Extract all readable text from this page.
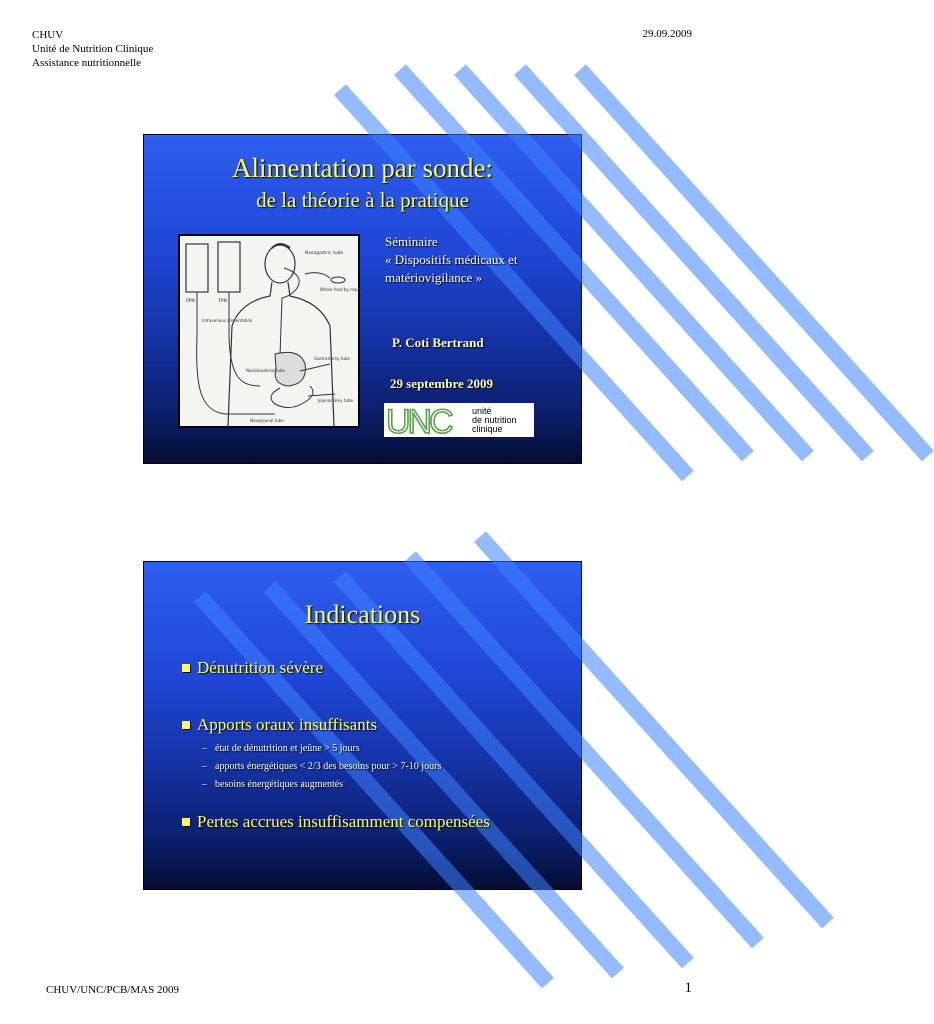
CHUV
Unité de Nutrition Clinique
Assistance nutritionnelle
29.09.2009
Alimentation par sonde:
de la théorie à la pratique
Nasogastric tube
Whole food by mouth
PPN	TPN
Intravenous alimentation
Gastrostomy tube
Nasoduodenal tube
Jejunostomy tube
Nasojejunal tube
Séminaire
« Dispositifs médicaux et matériovigilance »
P. Coti Bertrand
29 septembre 2009
UNC unité
de nutrition
clinique
Indications
Dénutrition sévère
Apports oraux insuffisants
– état de dénutrition et jeûne > 5 jours
– apports énergétiques < 2/3 des besoins pour > 7-10 jours
– besoins énergétiques augmentés
Pertes accrues insuffisamment compensées
CHUV/UNC/PCB/MAS 2009	1
